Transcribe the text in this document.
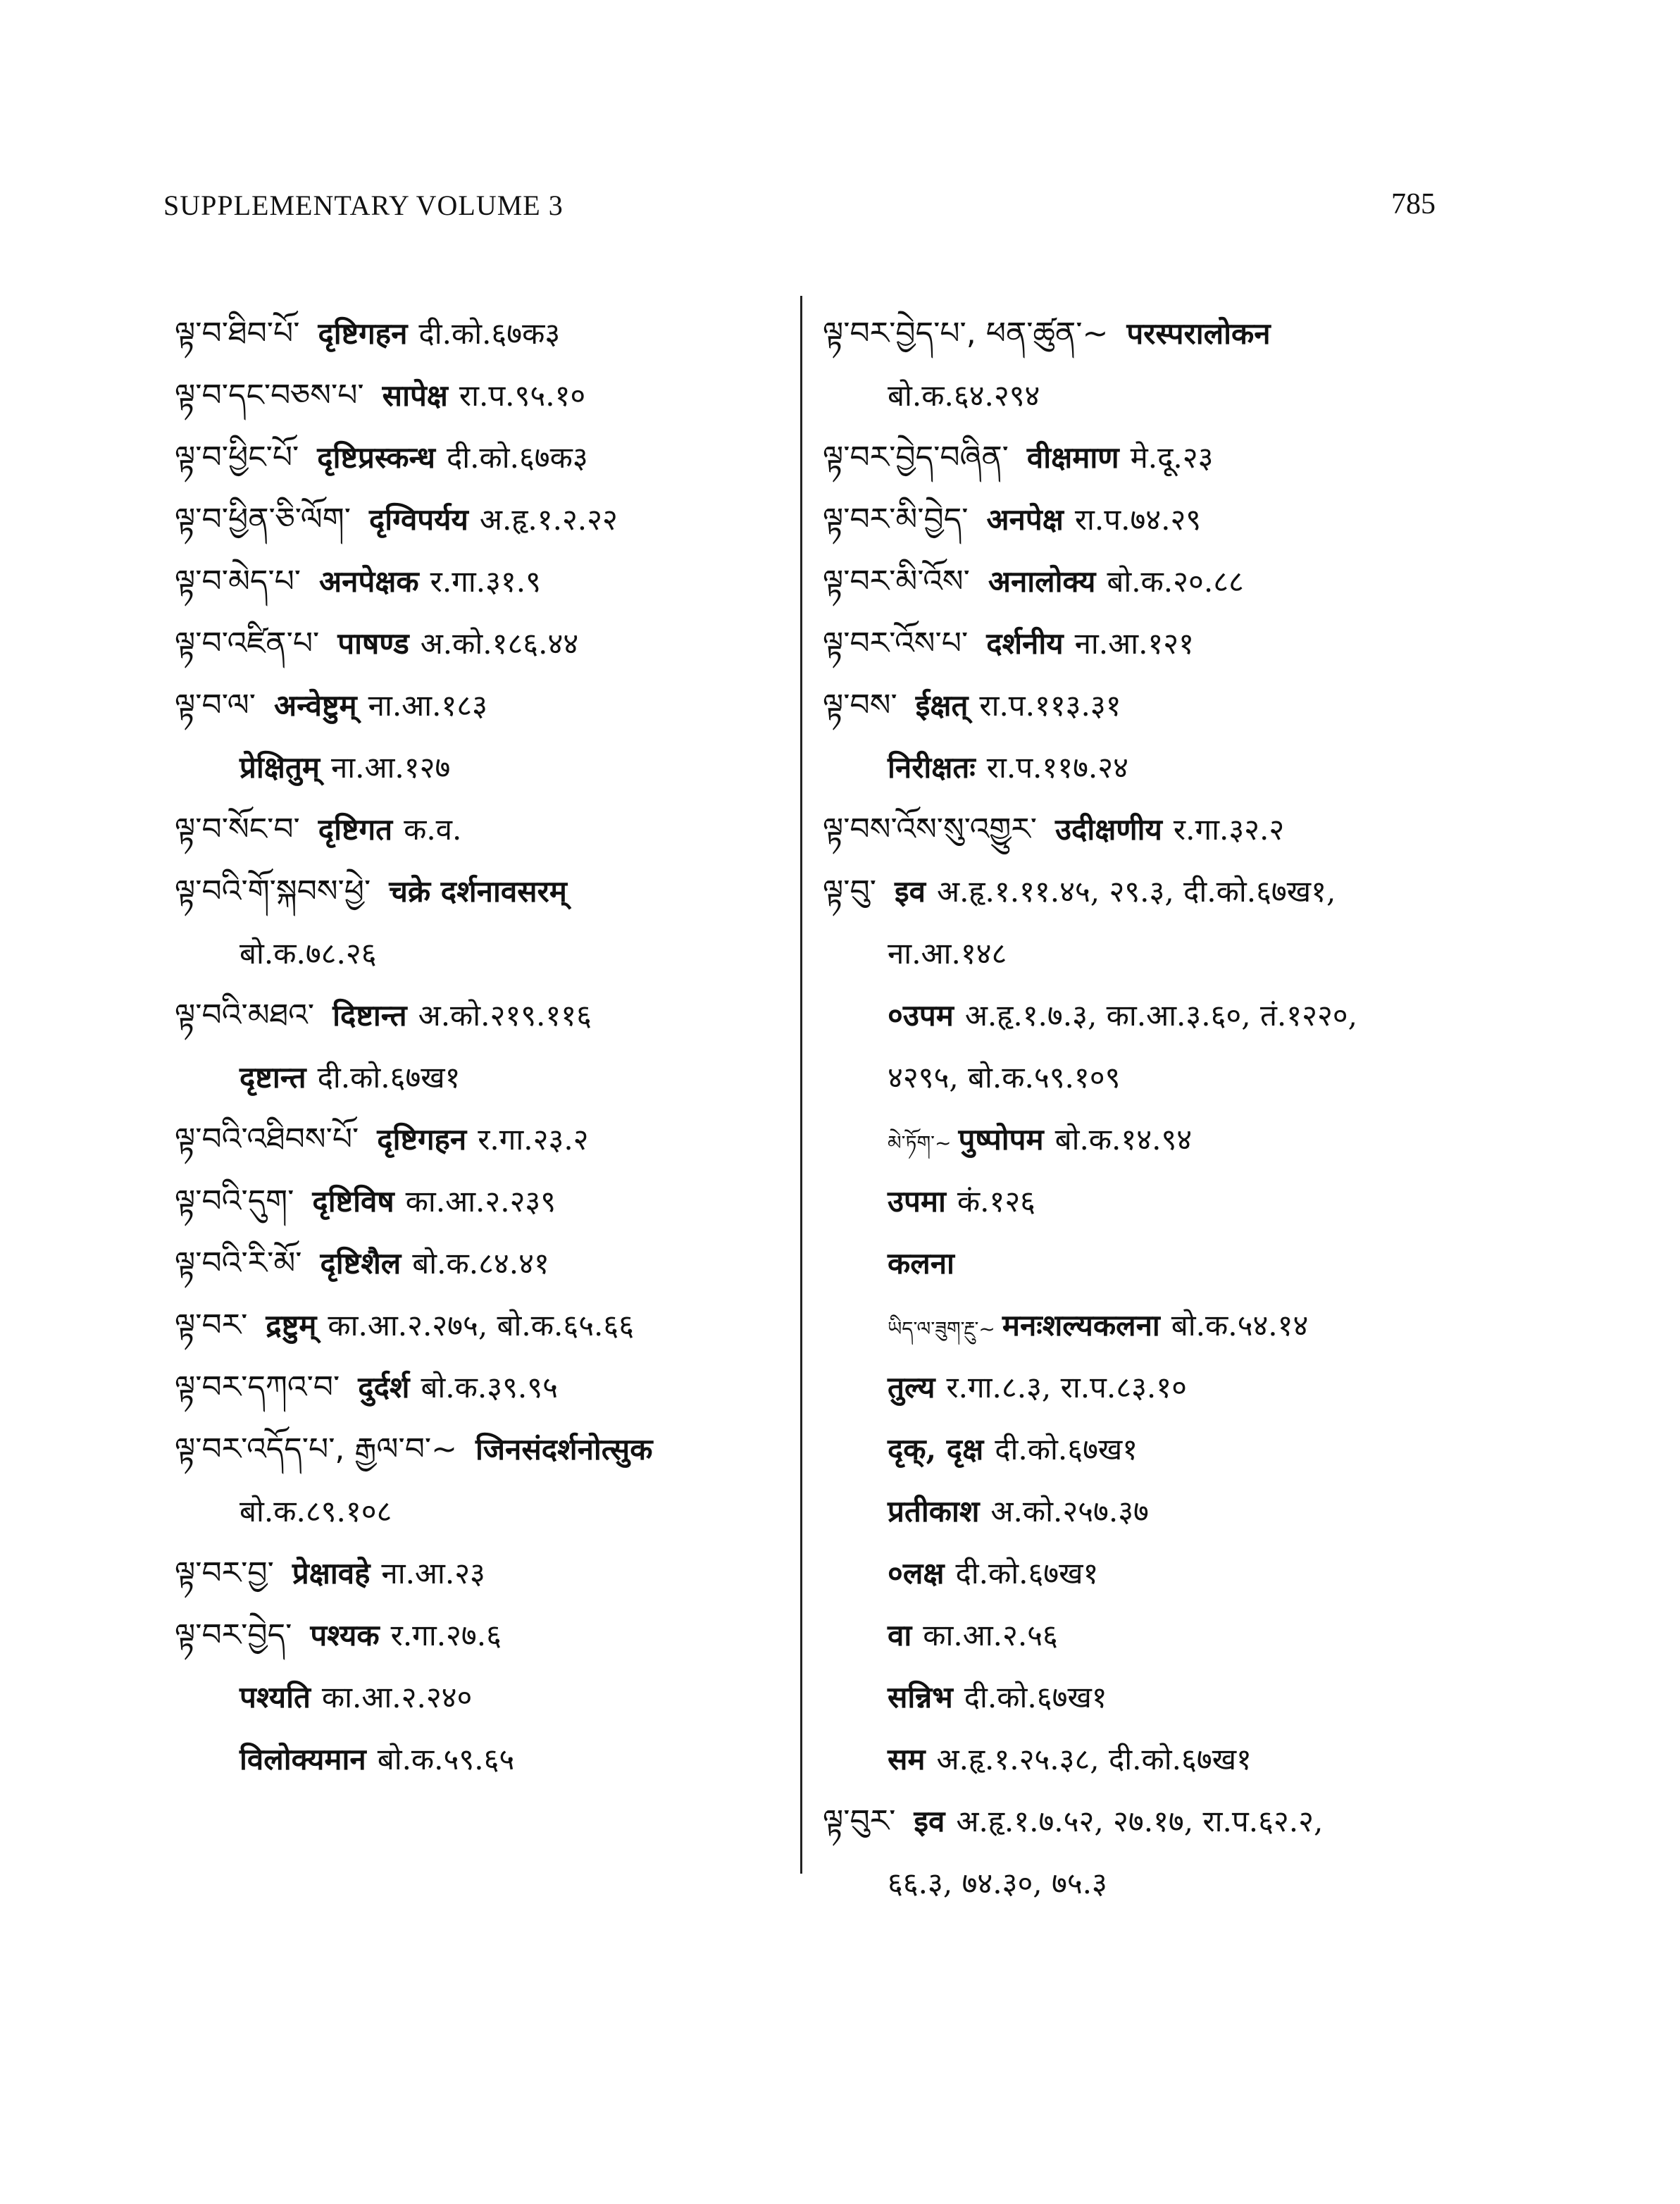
SUPPLEMENTARY VOLUME 3	785
ལྟ་བ་ཐིབ་པོ་ दृष्टिगहन दी.को.६७क३
ལྟ་བ་དང་བཅས་པ་ सापेक्ष रा.प.९५.१०
ལྟ་བ་ཕྱིང་པོ་ दृष्टिप्रस्कन्ध दी.को.६७क३
ལྟ་བ་ཕྱིན་ཅི་ལོག་ दृग्विपर्यय अ.हृ.१.२.२२
ལྟ་བ་མེད་པ་ अनपेक्षक र.गा.३१.९
ལྟ་བ་འཛིན་པ་ पाषण्ड अ.को.१८६.४४
ལྟ་བ་ལ་ अन्वेष्टुम् ना.आ.१८३
प्रेक्षितुम् ना.आ.१२७
ལྟ་བ་སོང་བ་ दृष्टिगत क.व.
ལྟ་བའི་གོ་སྐབས་ཕྱེ་ चक्रे दर्शनावसरम्
बो.क.७८.२६
ལྟ་བའི་མཐའ་ दिष्टान्त अ.को.२१९.११६
दृष्टान्त दी.को.६७ख१
ལྟ་བའི་འཐིབས་པོ་ दृष्टिगहन र.गा.२३.२
ལྟ་བའི་དུག་ दृष्टिविष का.आ.२.२३९
ལྟ་བའི་རི་མོ་ दृष्टिशैल बो.क.८४.४१
ལྟ་བར་ द्रष्टुम् का.आ.२.२७५, बो.क.६५.६६
ལྟ་བར་དཀའ་བ་ दुर्दर्श बो.क.३९.९५
ལྟ་བར་འདོད་པ་, རྒྱལ་བ་~ जिनसंदर्शनोत्सुक
बो.क.८९.१०८
ལྟ་བར་བྱ་ प्रेक्षावहे ना.आ.२३
ལྟ་བར་བྱེད་ पश्यक र.गा.२७.६
पश्यति का.आ.२.२४०
विलोक्यमान बो.क.५९.६५
ལྟ་བར་བྱེད་པ་, ཕན་ཚུན་~ परस्परालोकन
बो.क.६४.२९४
ལྟ་བར་བྱེད་བཞིན་ वीक्षमाण मे.दू.२३
ལྟ་བར་མི་བྱེད་ अनपेक्ष रा.प.७४.२९
ལྟ་བར་མི་འོས་ अनालोक्य बो.क.२०.८८
ལྟ་བར་འོས་པ་ दर्शनीय ना.आ.१२१
ལྟ་བས་ ईक्षत् रा.प.११३.३१
निरीक्षतः रा.प.११७.२४
ལྟ་བས་འོས་སུ་འགྱུར་ उदीक्षणीय र.गा.३२.२
ལྟ་བུ་ इव अ.हृ.१.११.४५, २९.३, दी.को.६७ख१,
ना.आ.१४८
०उपम अ.हृ.१.७.३, का.आ.३.६०, तं.१२२०,
४२९५, बो.क.५९.१०९
མེ་ཏོག་~ पुष्पोपम बो.क.१४.९४
उपमा कं.१२६
कलना
ཡིད་ལ་ཟུག་རྔུ་~ मनःशल्यकलना बो.क.५४.१४
तुल्य र.गा.८.३, रा.प.८३.१०
दृक्, दृक्ष दी.को.६७ख१
प्रतीकाश अ.को.२५७.३७
०लक्ष दी.को.६७ख१
वा का.आ.२.५६
सन्निभ दी.को.६७ख१
सम अ.हृ.१.२५.३८, दी.को.६७ख१
ལྟ་བུར་ इव अ.हृ.१.७.५२, २७.१७, रा.प.६२.२,
६६.३, ७४.३०, ७५.३
